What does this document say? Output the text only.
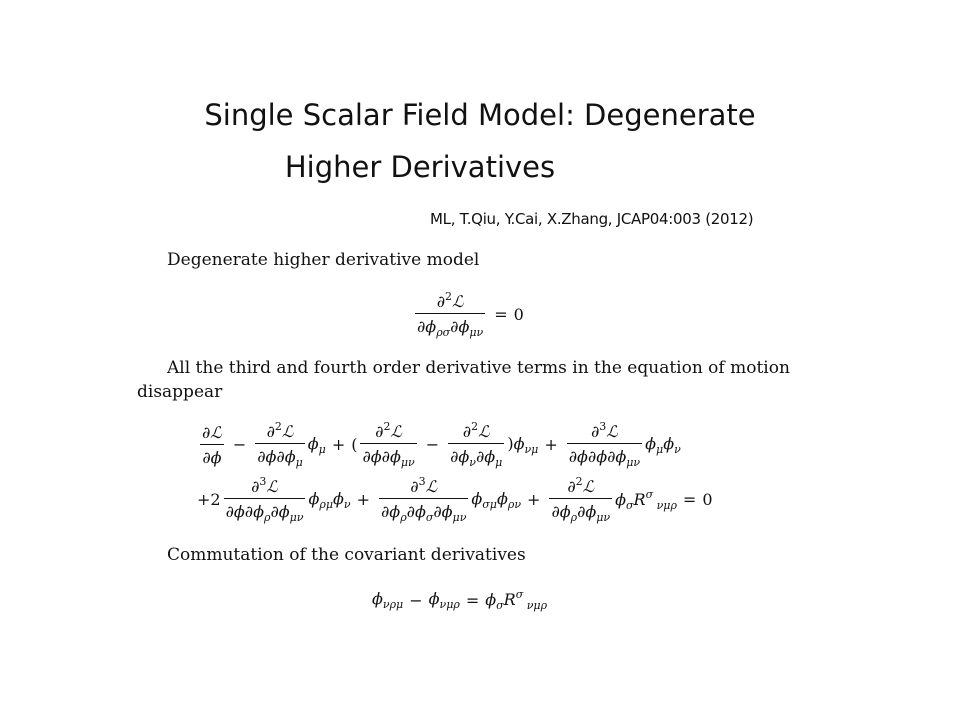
Single Scalar Field Model: Degenerate
Higher Derivatives
ML, T.Qiu, Y.Cai, X.Zhang, JCAP04:003 (2012)
Degenerate higher derivative model
$\frac{\partial^2ℒ}{\partial\phi_{\rho\sigma}\partial\phi_{\mu\nu}} = 0$
All the third and fourth order derivative terms in the equation of motion
disappear
$\frac{\text{∂ℒ}}{\partial\phi} - \frac{\partial^2ℒ}{\partial\phi\partial\phi_\mu} \phi_\mu$ + ( $\frac{\partial^2ℒ}{\partial\phi\partial\phi_{\mu\nu}} - \frac{\partial^2ℒ}{\partial\phi_\nu\partial\phi_\mu} )\phi_{\nu\mu} + \frac{\partial^3ℒ}{\partial\phi\partial\phi\partial\phi_{\mu\nu}} \phi_\mu\phi_\nu$
$+2 \frac{\partial^3ℒ}{\partial\phi\partial\phi_\rho\partial\phi_{\mu\nu}} \phi_{\rho\mu}\phi_\nu + \frac{\partial^3ℒ}{\partial\phi_\rho\partial\phi_\sigma\partial\phi_{\mu\nu}} \phi_{\sigma\mu}\phi_{\rho\nu} + \frac{\partial^2ℒ}{\partial\phi_\rho\partial\phi_{\mu\nu}} \phi_\sigma R^\sigma$ $_{\nu\mu\rho}$ = 0
Commutation of the covariant derivatives
$\phi_{\nu\rho\mu} - \phi_{\nu\mu\rho} = \phi_\sigma R^\sigma$ $_{\nu\mu\rho}$
